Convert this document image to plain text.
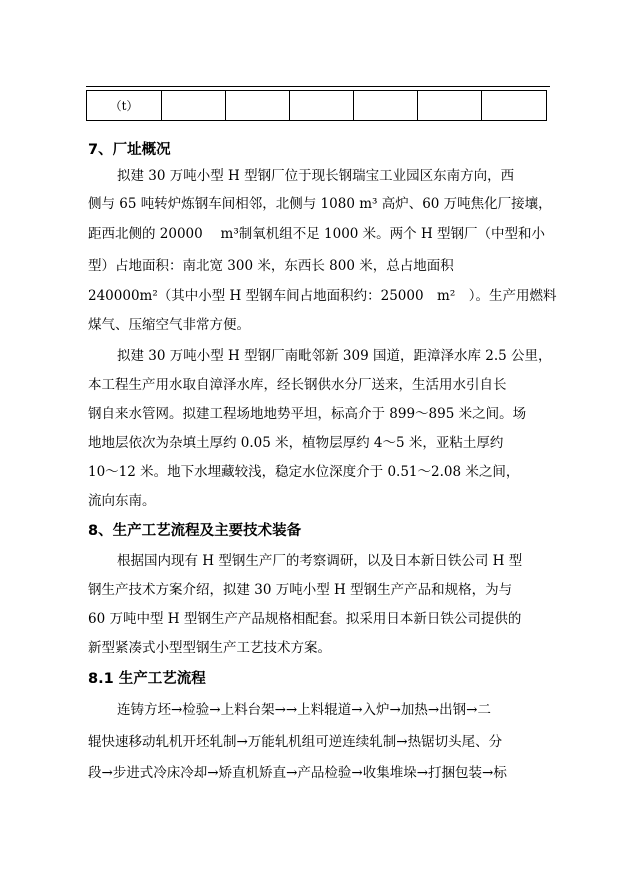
（t）						
7、厂址概况
拟建 30 万吨小型 H 型钢厂位于现长钢瑞宝工业园区东南方向，西
侧与 65 吨转炉炼钢车间相邻，北侧与 1080 m³ 高炉、60 万吨焦化厂接壤，
距西北侧的 20000　 m³制氧机组不足 1000 米。两个 H 型钢厂（中型和小
型）占地面积：南北宽 300 米，东西长 800 米，总占地面积
240000m²（其中小型 H 型钢车间占地面积约：25000　m²　）。生产用燃料
煤气、压缩空气非常方便。
拟建 30 万吨小型 H 型钢厂南毗邻新 309 国道，距漳泽水库 2.5 公里，
本工程生产用水取自漳泽水库，经长钢供水分厂送来，生活用水引自长
钢自来水管网。拟建工程场地地势平坦，标高介于 899～895 米之间。场
地地层依次为杂填土厚约 0.05 米，植物层厚约 4～5 米，亚粘土厚约
10～12 米。地下水埋藏较浅，稳定水位深度介于 0.51～2.08 米之间，
流向东南。
8、生产工艺流程及主要技术装备
根据国内现有 H 型钢生产厂的考察调研，以及日本新日铁公司 H 型
钢生产技术方案介绍，拟建 30 万吨小型 H 型钢生产产品和规格，为与
60 万吨中型 H 型钢生产产品规格相配套。拟采用日本新日铁公司提供的
新型紧凑式小型型钢生产工艺技术方案。
8.1 生产工艺流程
连铸方坯→检验→上料台架→→上料辊道→入炉→加热→出钢→二
辊快速移动轧机开坯轧制→万能轧机组可逆连续轧制→热锯切头尾、分
段→步进式冷床冷却→矫直机矫直→产品检验→收集堆垛→打捆包装→标
